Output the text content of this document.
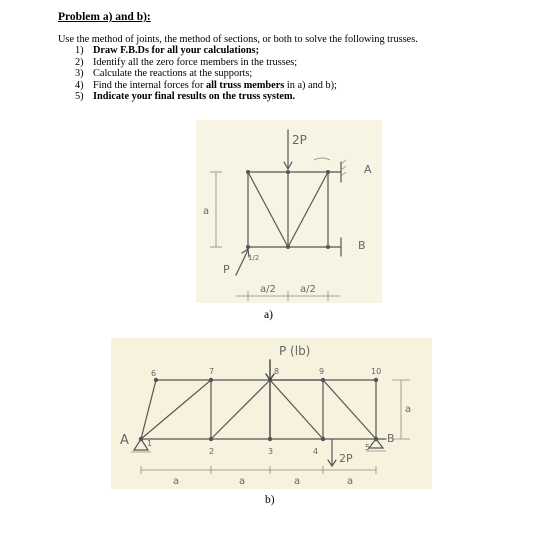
Problem a) and b):
Use the method of joints, the method of sections, or both to solve the following trusses.
1) Draw F.B.Ds for all your calculations;
2) Identify all the zero force members in the trusses;
3) Calculate the reactions at the supports;
4) Find the internal forces for all truss members in a) and b);
5) Indicate your final results on the truss system.
2P
A
B
a
P
1/2
a/2 a/2
a)
P (lb)
2P
A	B
a
a	a	a	a
1
2	3	4	5
6	7	8	9	10
b)
